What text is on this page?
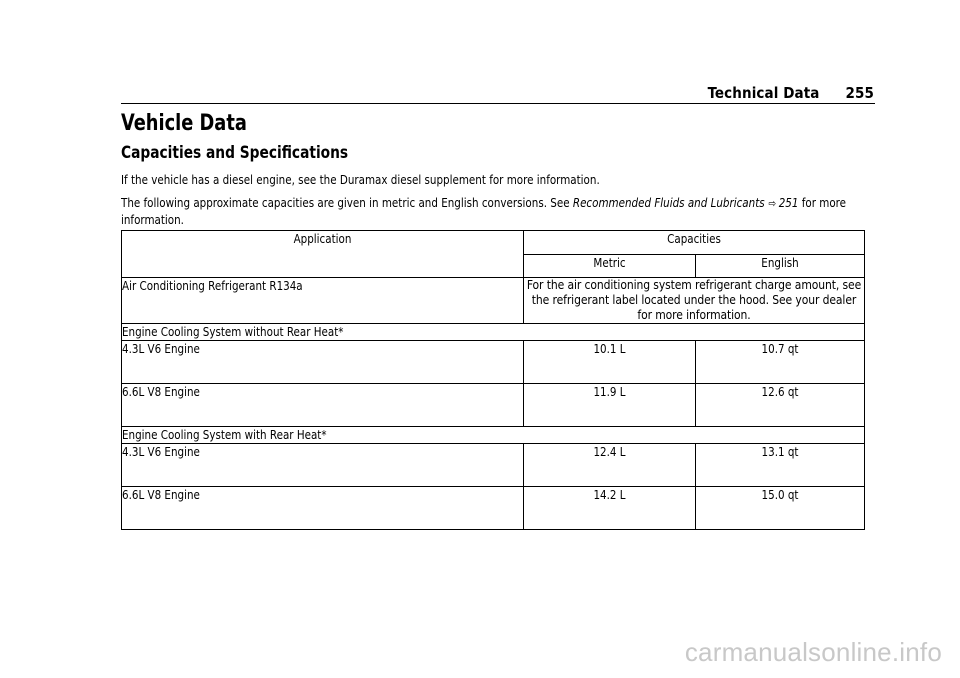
Technical Data 255
Vehicle Data
Capacities and Specifications
If the vehicle has a diesel engine, see the Duramax diesel supplement for more information.
The following approximate capacities are given in metric and English conversions. See Recommended Fluids and Lubricants ⇨ 251 for more information.
Application	Capacities	

	Metric	English

Air Conditioning Refrigerant R134a	For the air conditioning system refrigerant charge amount, see the refrigerant label located under the hood. See your dealer for more information.	

Engine Cooling System without Rear Heat*		

4.3L V6 Engine	10.1 L	10.7 qt

6.6L V8 Engine	11.9 L	12.6 qt

Engine Cooling System with Rear Heat*		

4.3L V6 Engine	12.4 L	13.1 qt

6.6L V8 Engine	14.2 L	15.0 qt
carmanualsonline.info
